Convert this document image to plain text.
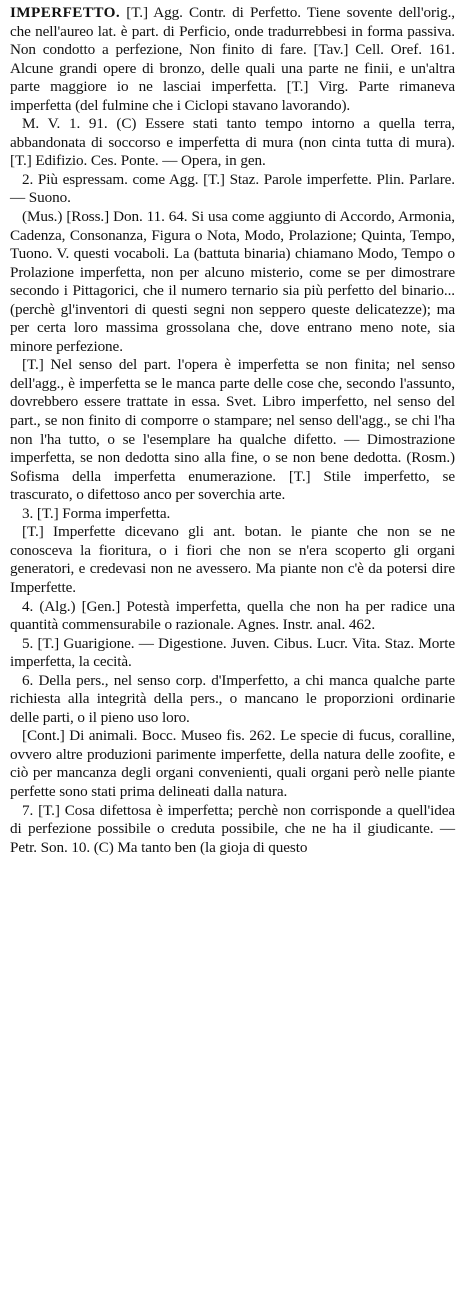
IMPERFETTO. [T.] Agg. Contr. di Perfetto. Tiene sovente dell'orig., che nell'aureo lat. è part. di Perficio, onde tradurrebbesi in forma passiva. Non condotto a perfezione, Non finito di fare. [Tav.] Cell. Oref. 161. Alcune grandi opere di bronzo, delle quali una parte ne finii, e un'altra parte maggiore io ne lasciai imperfetta. [T.] Virg. Parte rimaneva imperfetta (del fulmine che i Ciclopi stavano lavorando).

M. V. 1. 91. (C) Essere stati tanto tempo intorno a quella terra, abbandonata di soccorso e imperfetta di mura (non cinta tutta di mura). [T.] Edifizio. Ces. Ponte. — Opera, in gen.

2. Più espressam. come Agg. [T.] Staz. Parole imperfette. Plin. Parlare. — Suono.

(Mus.) [Ross.] Don. 11. 64. Si usa come aggiunto di Accordo, Armonia, Cadenza, Consonanza, Figura o Nota, Modo, Prolazione; Quinta, Tempo, Tuono. V. questi vocaboli. La (battuta binaria) chiamano Modo, Tempo o Prolazione imperfetta, non per alcuno misterio, come se per dimostrare secondo i Pittagorici, che il numero ternario sia più perfetto del binario... (perchè gl'inventori di questi segni non seppero queste delicatezze); ma per certa loro massima grossolana che, dove entrano meno note, sia minore perfezione.

[T.] Nel senso del part. l'opera è imperfetta se non finita; nel senso dell'agg., è imperfetta se le manca parte delle cose che, secondo l'assunto, dovrebbero essere trattate in essa. Svet. Libro imperfetto, nel senso del part., se non finito di comporre o stampare; nel senso dell'agg., se chi l'ha non l'ha tutto, o se l'esemplare ha qualche difetto. — Dimostrazione imperfetta, se non dedotta sino alla fine, o se non bene dedotta. (Rosm.) Sofisma della imperfetta enumerazione. [T.] Stile imperfetto, se trascurato, o difettoso anco per soverchia arte.

3. [T.] Forma imperfetta.

[T.] Imperfette dicevano gli ant. botan. le piante che non se ne conosceva la fioritura, o i fiori che non se n'era scoperto gli organi generatori, e credevasi non ne avessero. Ma piante non c'è da potersi dire Imperfette.

4. (Alg.) [Gen.] Potestà imperfetta, quella che non ha per radice una quantità commensurabile o razionale. Agnes. Instr. anal. 462.

5. [T.] Guarigione. — Digestione. Juven. Cibus. Lucr. Vita. Staz. Morte imperfetta, la cecità.

6. Della pers., nel senso corp. d'Imperfetto, a chi manca qualche parte richiesta alla integrità della pers., o mancano le proporzioni ordinarie delle parti, o il pieno uso loro.

[Cont.] Di animali. Bocc. Museo fis. 262. Le specie di fucus, coralline, ovvero altre produzioni parimente imperfette, della natura delle zoofite, e ciò per mancanza degli organi convenienti, quali organi però nelle piante perfette sono stati prima delineati dalla natura.

7. [T.] Cosa difettosa è imperfetta; perchè non corrisponde a quell'idea di perfezione possibile o creduta possibile, che ne ha il giudicante. — Petr. Son. 10. (C) Ma tanto ben (la gioja di questo
